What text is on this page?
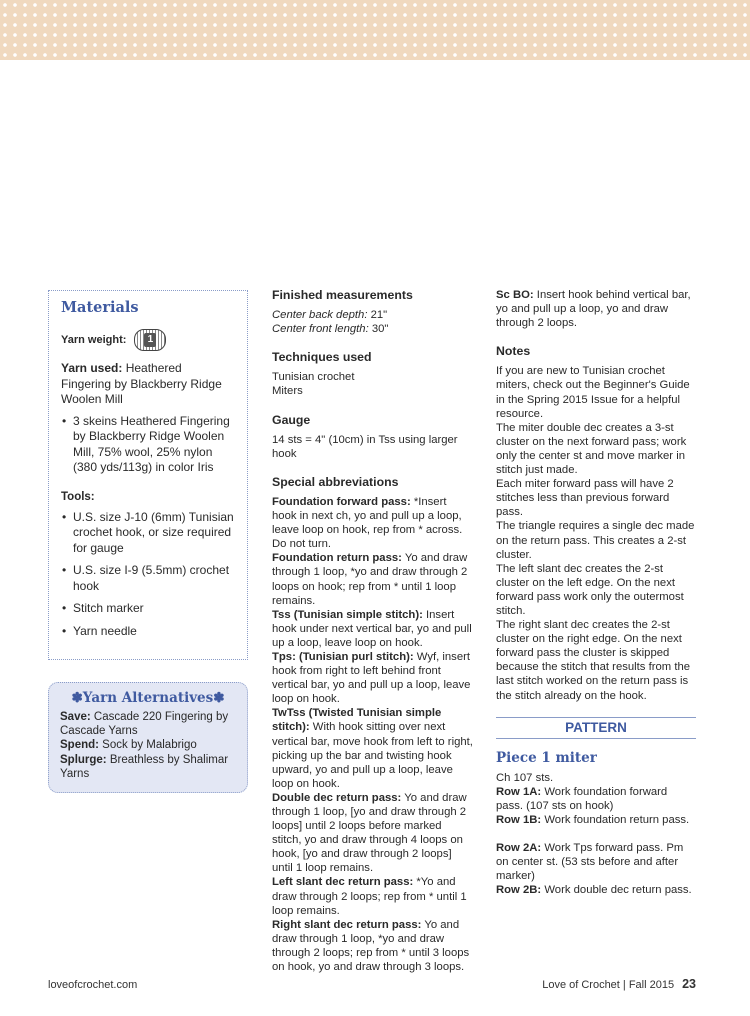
Materials
Yarn weight:	1

Yarn used: Heathered Fingering by Blackberry Ridge Woolen Mill

• 3 skeins Heathered Fingering by Blackberry Ridge Woolen Mill, 75% wool, 25% nylon (380 yds/113g) in color Iris
Tools:
• U.S. size J-10 (6mm) Tunisian crochet hook, or size required for gauge
• U.S. size I-9 (5.5mm) crochet hook
• Stitch marker
• Yarn needle
✽Yarn Alternatives✽

Save: Cascade 220 Fingering by Cascade Yarns

Spend: Sock by Malabrigo

Splurge: Breathless by Shalimar Yarns

Finished measurements

Center back depth: 21"

Center front length: 30"

Techniques used

Tunisian crochet

Miters

Gauge

14 sts = 4" (10cm) in Tss using larger hook

Special abbreviations

Foundation forward pass: *Insert hook in next ch, yo and pull up a loop, leave loop on hook, rep from * across. Do not turn.

Foundation return pass: Yo and draw through 1 loop, *yo and draw through 2 loops on hook; rep from * until 1 loop remains.

Tss (Tunisian simple stitch): Insert hook under next vertical bar, yo and pull up a loop, leave loop on hook.

Tps: (Tunisian purl stitch): Wyf, insert hook from right to left behind front vertical bar, yo and pull up a loop, leave loop on hook.

TwTss (Twisted Tunisian simple stitch): With hook sitting over next vertical bar, move hook from left to right, picking up the bar and twisting hook upward, yo and pull up a loop, leave loop on hook.

Double dec return pass: Yo and draw through 1 loop, [yo and draw through 2 loops] until 2 loops before marked stitch, yo and draw through 4 loops on hook, [yo and draw through 2 loops] until 1 loop remains.

Left slant dec return pass: *Yo and draw through 2 loops; rep from * until 1 loop remains.

Right slant dec return pass: Yo and draw through 1 loop, *yo and draw through 2 loops; rep from * until 3 loops on hook, yo and draw through 3 loops.

Sc BO: Insert hook behind vertical bar, yo and pull up a loop, yo and draw through 2 loops.

Notes

If you are new to Tunisian crochet miters, check out the Beginner's Guide in the Spring 2015 Issue for a helpful resource.

The miter double dec creates a 3-st cluster on the next forward pass; work only the center st and move marker in stitch just made.

Each miter forward pass will have 2 stitches less than previous forward pass.

The triangle requires a single dec made on the return pass. This creates a 2-st cluster.

The left slant dec creates the 2-st cluster on the left edge. On the next forward pass work only the outermost stitch.

The right slant dec creates the 2-st cluster on the right edge. On the next forward pass the cluster is skipped because the stitch that results from the last stitch worked on the return pass is the stitch already on the hook.

PATTERN
Piece 1 miter

Ch 107 sts.

Row 1A: Work foundation forward pass. (107 sts on hook)

Row 1B: Work foundation return pass.

Row 2A: Work Tps forward pass. Pm on center st. (53 sts before and after marker)

Row 2B: Work double dec return pass.

loveofcrochet.com	Love of Crochet | Fall 2015 23
